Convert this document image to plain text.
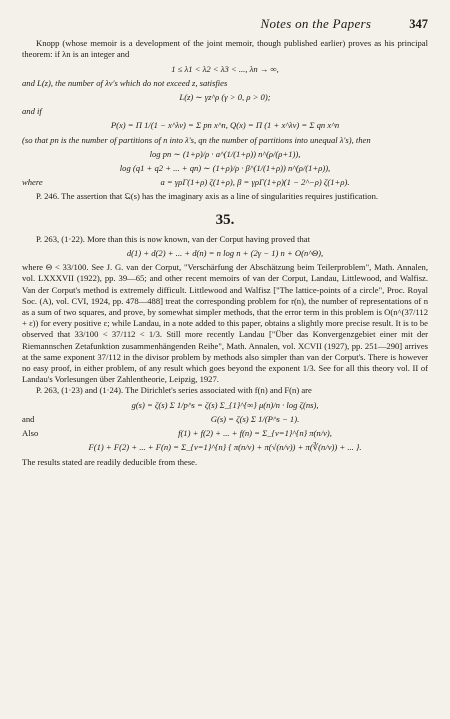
Notes on the Papers	347

Knopp (whose memoir is a development of the joint memoir, though published earlier) proves as his principal theorem: if λn is an integer and

1 ≤ λ1 < λ2 < λ3 < ..., λn → ∞,

and L(z), the number of λν's which do not exceed z, satisfies

L(z) ∼ γz^ρ (γ > 0, ρ > 0);

and if

P(x) = Π 1/(1 − x^λν) = Σ pn x^n, Q(x) = Π (1 + x^λν) = Σ qn x^n

(so that pn is the number of partitions of n into λ's, qn the number of partitions into unequal λ's), then

log pn ∼ (1+ρ)/ρ · a^(1/(1+ρ)) n^(ρ/(ρ+1)),
log (q1 + q2 + ... + qn) ∼ (1+ρ)/ρ · β^(1/(1+ρ)) n^(ρ/(1+ρ)),
where	a = γρΓ(1+ρ) ζ(1+ρ), β = γρΓ(1+ρ)(1 − 2^−ρ) ζ(1+ρ).

P. 246. The assertion that 𝔔(s) has the imaginary axis as a line of singularities requires justification.

35.

P. 263, (1·22). More than this is now known, van der Corput having proved that

d(1) + d(2) + ... + d(n) = n log n + (2γ − 1) n + O(n^Θ),

where Θ < 33/100. See J. G. van der Corput, "Verschärfung der Abschätzung beim Teilerproblem", Math. Annalen, vol. LXXXVII (1922), pp. 39—65; and other recent memoirs of van der Corput, Landau, Littlewood, and Walfisz. Van der Corput's method is extremely difficult. Littlewood and Walfisz ["The lattice-points of a circle", Proc. Royal Soc. (A), vol. CVI, 1924, pp. 478—488] treat the corresponding problem for r(n), the number of representations of n as a sum of two squares, and prove, by somewhat simpler methods, that the error term in this problem is O(n^(37/112 + ε)) for every positive ε; while Landau, in a note added to this paper, obtains a slightly more precise result. It is to be observed that 33/100 < 37/112 < 1/3. Still more recently Landau ["Über das Konvergenzgebiet einer mit der Riemannschen Zetafunktion zusammenhängenden Reihe", Math. Annalen, vol. XCVII (1927), pp. 251—290] arrives at the same exponent 37/112 in the divisor problem by methods also simpler than van der Corput's. There is however no easy proof, in either problem, of any result which goes beyond the exponent 1/3. See for all this theory vol. II of Landau's Vorlesungen über Zahlentheorie, Leipzig, 1927.

P. 263, (1·23) and (1·24). The Dirichlet's series associated with f(n) and F(n) are

g(s) = ζ(s) Σ 1/p^s = ζ(s) Σ_{1}^{∞} μ(n)/n · log ζ(ns),
and	G(s) = ζ(s) Σ 1/(P^s − 1).
Also	f(1) + f(2) + ... + f(n) = Σ_{ν=1}^{n} π(n/ν),
F(1) + F(2) + ... + F(n) = Σ_{ν=1}^{n} { π(n/ν) + π(√(n/ν)) + π(∛(n/ν)) + ... }.

The results stated are readily deducible from these.
